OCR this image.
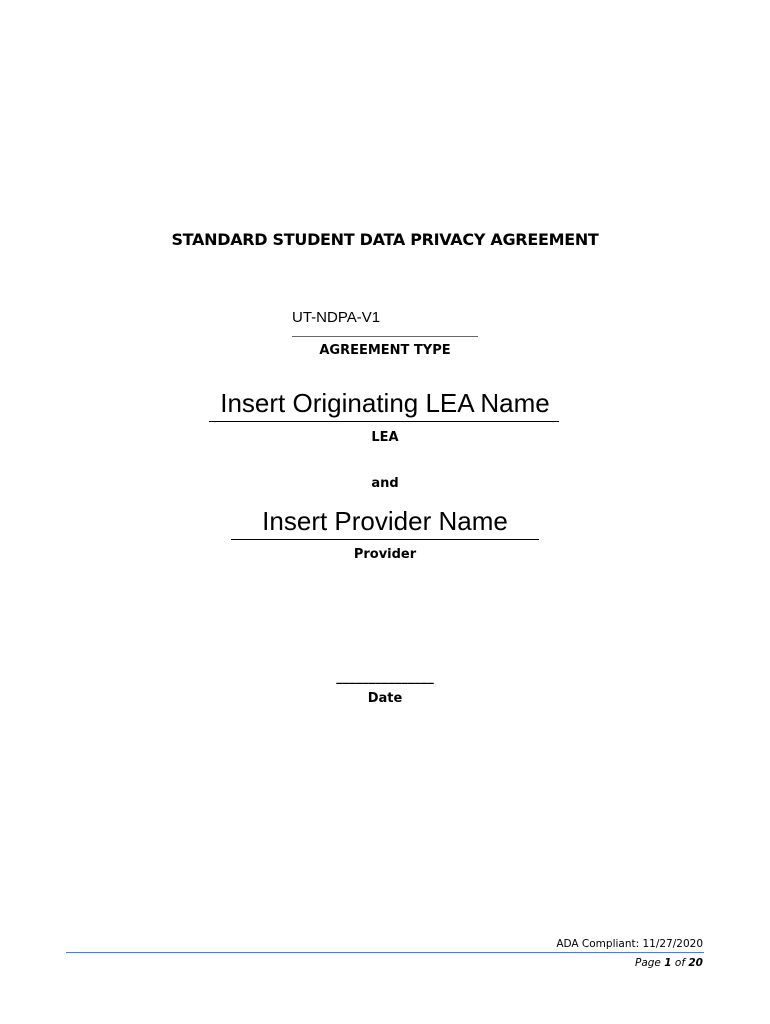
STANDARD STUDENT DATA PRIVACY AGREEMENT
UT-NDPA-V1
AGREEMENT TYPE
Insert Originating LEA Name
LEA
and
Insert Provider Name
Provider
_______________
Date
ADA Compliant: 11/27/2020
Page 1 of 20
